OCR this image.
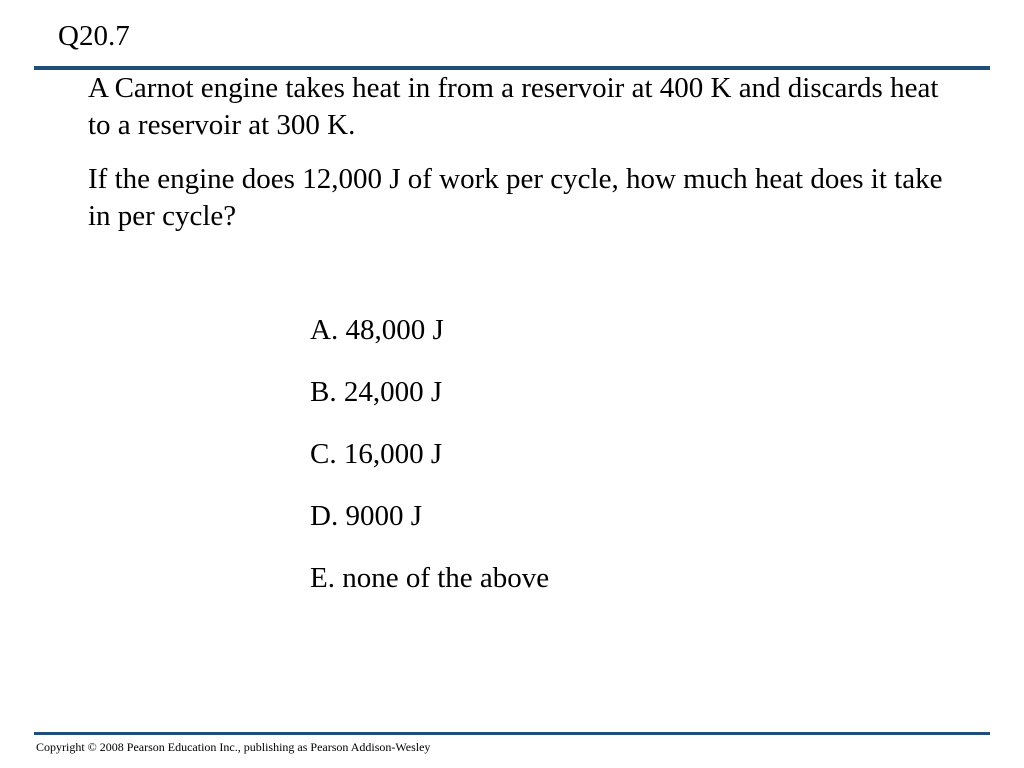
Q20.7

A Carnot engine takes heat in from a reservoir at 400 K and discards heat to a reservoir at 300 K.

If the engine does 12,000 J of work per cycle, how much heat does it take in per cycle?

A. 48,000 J
B. 24,000 J
C. 16,000 J
D. 9000 J
E. none of the above
Copyright © 2008 Pearson Education Inc., publishing as Pearson Addison-Wesley
